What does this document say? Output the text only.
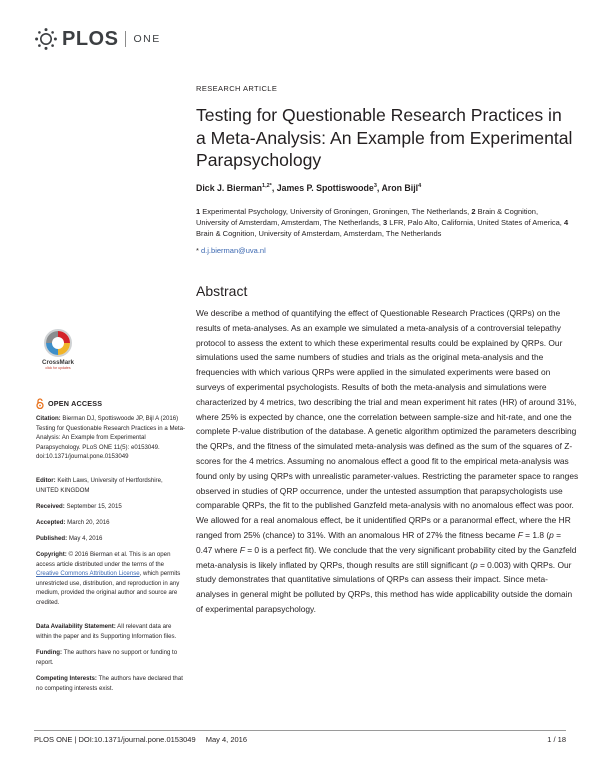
PLOS ONE
RESEARCH ARTICLE
Testing for Questionable Research Practices in a Meta-Analysis: An Example from Experimental Parapsychology
Dick J. Bierman$^{1,2*}$, James P. Spottiswoode$^3$, Aron Bijl$^4$
1 Experimental Psychology, University of Groningen, Groningen, The Netherlands, 2 Brain & Cognition, University of Amsterdam, Amsterdam, The Netherlands, 3 LFR, Palo Alto, California, United States of America, 4 Brain & Cognition, University of Amsterdam, Amsterdam, The Netherlands
* d.j.bierman@uva.nl
Abstract
We describe a method of quantifying the effect of Questionable Research Practices (QRPs) on the results of meta-analyses. As an example we simulated a meta-analysis of a controversial telepathy protocol to assess the extent to which these experimental results could be explained by QRPs. Our simulations used the same numbers of studies and trials as the original meta-analysis and the frequencies with which various QRPs were applied in the simulated experiments were based on surveys of experimental psychologists. Results of both the meta-analysis and simulations were characterized by 4 metrics, two describing the trial and mean experiment hit rates (HR) of around 31%, where 25% is expected by chance, one the correlation between sample-size and hit-rate, and one the complete P-value distribution of the database. A genetic algorithm optimized the parameters describing the QRPs, and the fitness of the simulated meta-analysis was defined as the sum of the squares of Z-scores for the 4 metrics. Assuming no anomalous effect a good fit to the empirical meta-analysis was found only by using QRPs with unrealistic parameter-values. Restricting the parameter space to ranges observed in studies of QRP occurrence, under the untested assumption that parapsychologists use comparable QRPs, the fit to the published Ganzfeld meta-analysis with no anomalous effect was poor. We allowed for a real anomalous effect, be it unidentified QRPs or a paranormal effect, where the HR ranged from 25% (chance) to 31%. With an anomalous HR of 27% the fitness became F = 1.8 (p = 0.47 where F = 0 is a perfect fit). We conclude that the very significant probability cited by the Ganzfeld meta-analysis is likely inflated by QRPs, though results are still significant (p = 0.003) with QRPs. Our study demonstrates that quantitative simulations of QRPs can assess their impact. Since meta-analyses in general might be polluted by QRPs, this method has wide applicability outside the domain of experimental parapsychology.
CrossMark
click for updates
OPEN ACCESS
Citation: Bierman DJ, Spottiswoode JP, Bijl A (2016) Testing for Questionable Research Practices in a Meta-Analysis: An Example from Experimental Parapsychology. PLoS ONE 11(5): e0153049. doi:10.1371/journal.pone.0153049
Editor: Keith Laws, University of Hertfordshire, UNITED KINGDOM
Received: September 15, 2015
Accepted: March 20, 2016
Published: May 4, 2016
Copyright: © 2016 Bierman et al. This is an open access article distributed under the terms of the Creative Commons Attribution License, which permits unrestricted use, distribution, and reproduction in any medium, provided the original author and source are credited.
Data Availability Statement: All relevant data are within the paper and its Supporting Information files.
Funding: The authors have no support or funding to report.
Competing Interests: The authors have declared that no competing interests exist.
PLOS ONE | DOI:10.1371/journal.pone.0153049 May 4, 2016	1 / 18
